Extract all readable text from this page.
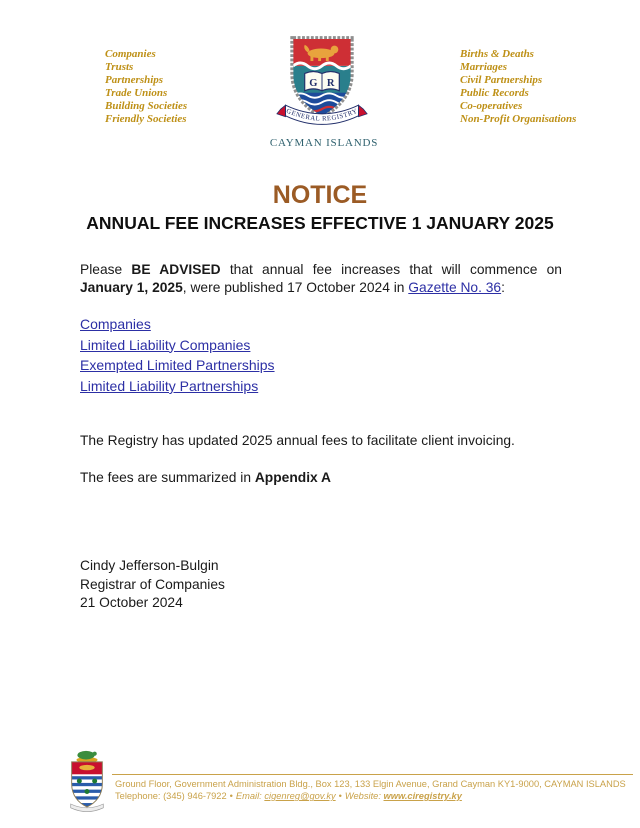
Companies
Trusts
Partnerships
Trade Unions
Building Societies
Friendly Societies
Births & Deaths
Marriages
Civil Partnerships
Public Records
Co-operatives
Non-Profit Organisations
G R
GENERAL REGISTRY
CAYMAN ISLANDS
NOTICE
ANNUAL FEE INCREASES EFFECTIVE 1 JANUARY 2025

Please BE ADVISED that annual fee increases that will commence on January 1, 2025, were published 17 October 2024 in Gazette No. 36:

Companies
Limited Liability Companies
Exempted Limited Partnerships
Limited Liability Partnerships

The Registry has updated 2025 annual fees to facilitate client invoicing.

The fees are summarized in Appendix A

Cindy Jefferson-Bulgin
Registrar of Companies
21 October 2024
Ground Floor, Government Administration Bldg., Box 123, 133 Elgin Avenue, Grand Cayman KY1-9000, CAYMAN ISLANDS
Telephone: (345) 946-7922 • Email: cigenreg@gov.ky • Website: www.ciregistry.ky
